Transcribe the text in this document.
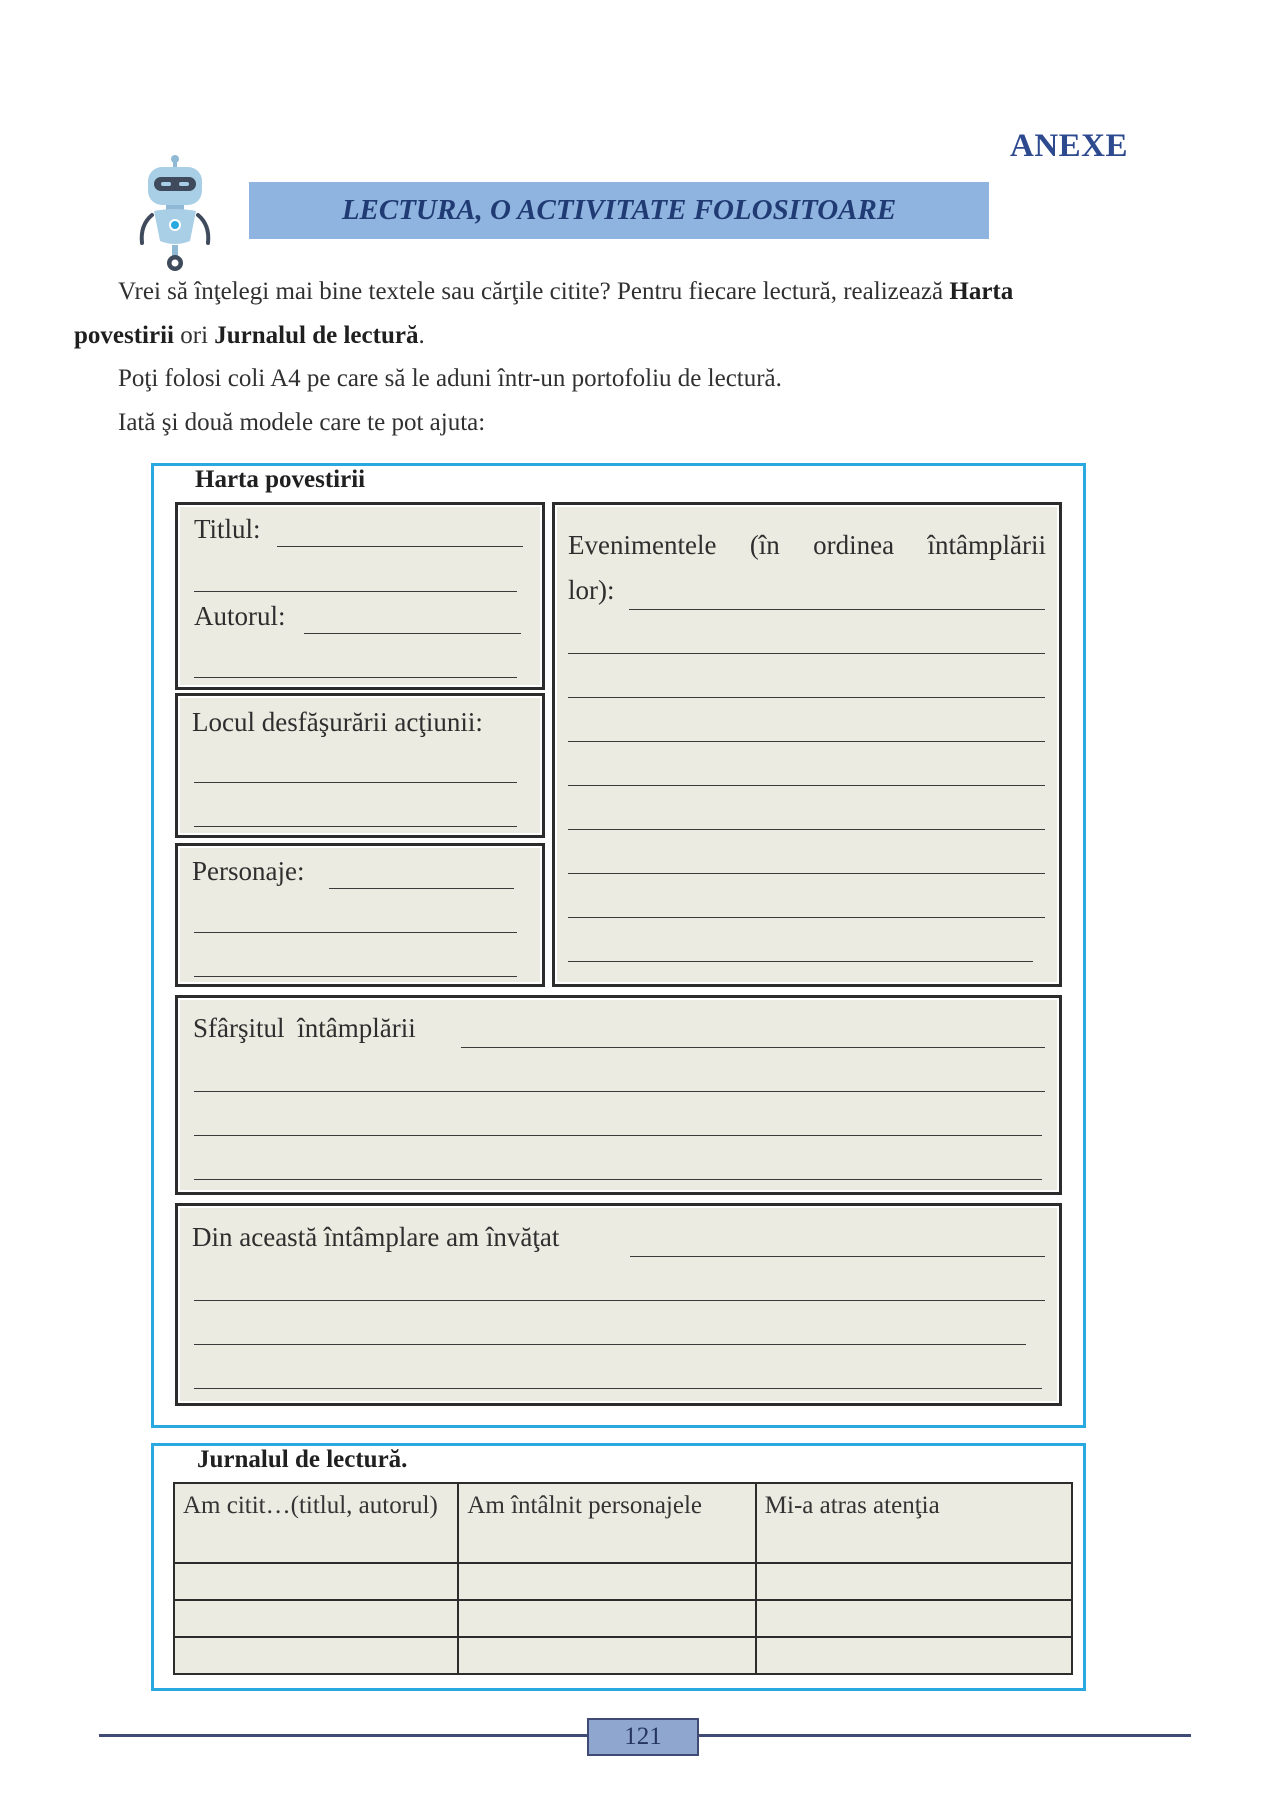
ANEXE
LECTURA, O ACTIVITATE FOLOSITOARE
Vrei să înţelegi mai bine textele sau cărţile citite? Pentru fiecare lectură, realizează Harta
povestirii ori Jurnalul de lectură.
Poţi folosi coli A4 pe care să le aduni într-un portofoliu de lectură.
Iată şi două modele care te pot ajuta:
Harta povestirii
Titlul:
Autorul:
Locul desfăşurării acţiunii:
Personaje:
Evenimentele (în ordinea întâmplării
lor):
Sfârşitul întâmplării
Din această întâmplare am învăţat
Jurnalul de lectură.
Am citit…(titlul, autorul)	Am întâlnit personajele	Mi-a atras atenţia

121
